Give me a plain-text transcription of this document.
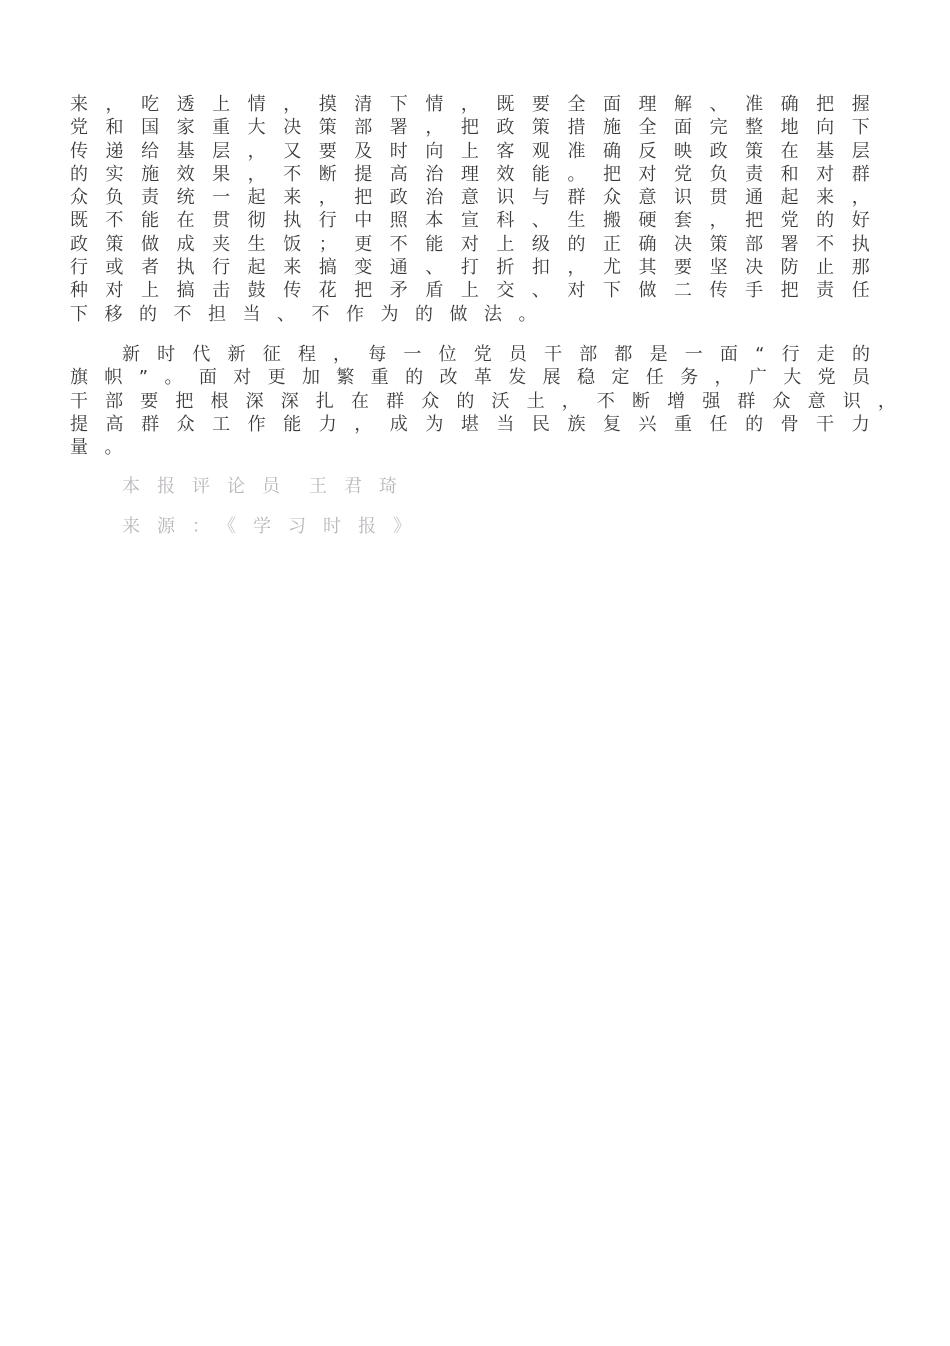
来 ， 吃 透 上 情 ， 摸 清 下 情 ， 既 要 全 面 理 解 、 准 确 把 握
党 和 国 家 重 大 决 策 部 署 ， 把 政 策 措 施 全 面 完 整 地 向 下
传 递 给 基 层 ， 又 要 及 时 向 上 客 观 准 确 反 映 政 策 在 基 层
的 实 施 效 果 ， 不 断 提 高 治 理 效 能 。 把 对 党 负 责 和 对 群
众 负 责 统 一 起 来 ， 把 政 治 意 识 与 群 众 意 识 贯 通 起 来 ，
既 不 能 在 贯 彻 执 行 中 照 本 宣 科 、 生 搬 硬 套 ， 把 党 的 好
政 策 做 成 夹 生 饭 ； 更 不 能 对 上 级 的 正 确 决 策 部 署 不 执
行 或 者 执 行 起 来 搞 变 通 、 打 折 扣 ， 尤 其 要 坚 决 防 止 那
种 对 上 搞 击 鼓 传 花 把 矛 盾 上 交 、 对 下 做 二 传 手 把 责 任
下移的不担当、不作为的做法。
新 时 代 新 征 程 ， 每 一 位 党 员 干 部 都 是 一 面 “ 行 走 的
旗 帜 ” 。 面 对 更 加 繁 重 的 改 革 发 展 稳 定 任 务 ， 广 大 党 员
干 部 要 把 根 深 深 扎 在 群 众 的 沃 土 ， 不 断 增 强 群 众 意 识 ，
提 高 群 众 工 作 能 力 ， 成 为 堪 当 民 族 复 兴 重 任 的 骨 干 力
量。
本报评论员 王君琦
来源：《学习时报》
